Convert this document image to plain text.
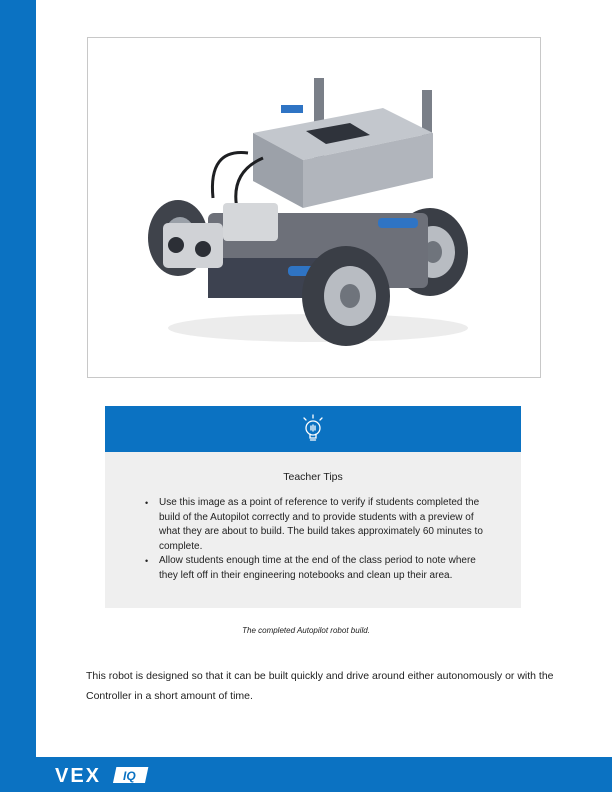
Teacher Tips
• Use this image as a point of reference to verify if students completed the build of the Autopilot correctly and to provide students with a preview of what they are about to build. The build takes approximately 60 minutes to complete.
• Allow students enough time at the end of the class period to note where they left off in their engineering notebooks and clean up their area.
The completed Autopilot robot build.
This robot is designed so that it can be built quickly and drive around either autonomously or with the Controller in a short amount of time.
VEX IQ
